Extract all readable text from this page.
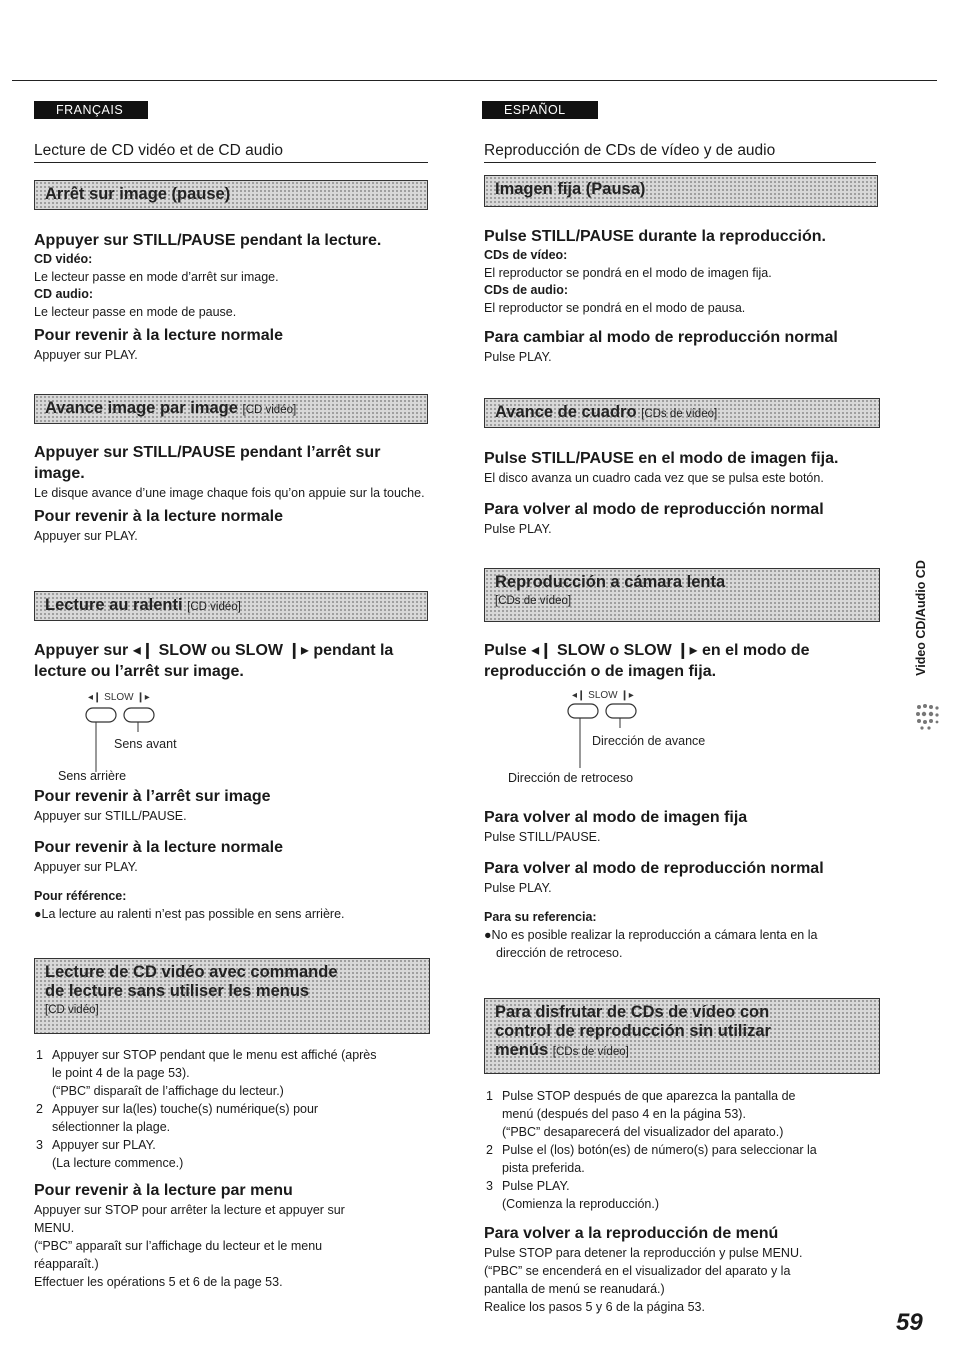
FRANÇAIS
Lecture de CD vidéo et de CD audio
Arrêt sur image (pause)

Appuyer sur STILL/PAUSE pendant la lecture.

CD vidéo:

Le lecteur passe en mode d’arrêt sur image.

CD audio:

Le lecteur passe en mode de pause.

Pour revenir à la lecture normale

Appuyer sur PLAY.

Avance image par image [CD vidéo]

Appuyer sur STILL/PAUSE pendant l’arrêt sur image.

Le disque avance d’une image chaque fois qu’on appuie sur la touche.

Pour revenir à la lecture normale

Appuyer sur PLAY.

Lecture au ralenti [CD vidéo]

Appuyer sur ◂❙ SLOW ou SLOW ❙▸ pendant la lecture ou l’arrêt sur image.

◂❙ SLOW ❙▸
Sens avant

Sens arrière

Pour revenir à l’arrêt sur image

Appuyer sur STILL/PAUSE.

Pour revenir à la lecture normale

Appuyer sur PLAY.

Pour référence:

●La lecture au ralenti n’est pas possible en sens arrière.

Lecture de CD vidéo avec commande
de lecture sans utiliser les menus
[CD vidéo]
1 Appuyer sur STOP pendant que le menu est affiché (après
le point 4 de la page 53).
(“PBC” disparaît de l’affichage du lecteur.)
2 Appuyer sur la(les) touche(s) numérique(s) pour
sélectionner la plage.
3 Appuyer sur PLAY.
(La lecture commence.)

Pour revenir à la lecture par menu

Appuyer sur STOP pour arrêter la lecture et appuyer sur

MENU.

(“PBC” apparaît sur l’affichage du lecteur et le menu

réapparaît.)

Effectuer les opérations 5 et 6 de la page 53.

ESPAÑOL
Reproducción de CDs de vídeo y de audio
Imagen fija (Pausa)

Pulse STILL/PAUSE durante la reproducción.

CDs de vídeo:

El reproductor se pondrá en el modo de imagen fija.

CDs de audio:

El reproductor se pondrá en el modo de pausa.

Para cambiar al modo de reproducción normal

Pulse PLAY.

Avance de cuadro [CDs de vídeo]

Pulse STILL/PAUSE en el modo de imagen fija.

El disco avanza un cuadro cada vez que se pulsa este botón.

Para volver al modo de reproducción normal

Pulse PLAY.

Reproducción a cámara lenta
[CDs de vídeo]

Pulse ◂❙ SLOW o SLOW ❙▸ en el modo de reproducción o de imagen fija.

◂❙ SLOW ❙▸
Dirección de avance

Dirección de retroceso

Para volver al modo de imagen fija

Pulse STILL/PAUSE.

Para volver al modo de reproducción normal

Pulse PLAY.

Para su referencia:

●No es posible realizar la reproducción a cámara lenta en la

dirección de retroceso.

Para disfrutar de CDs de vídeo con
control de reproducción sin utilizar
menús [CDs de vídeo]
1 Pulse STOP después de que aparezca la pantalla de
menú (después del paso 4 en la página 53).
(“PBC” desaparecerá del visualizador del aparato.)
2 Pulse el (los) botón(es) de número(s) para seleccionar la
pista preferida.
3 Pulse PLAY.
(Comienza la reproducción.)

Para volver a la reproducción de menú

Pulse STOP para detener la reproducción y pulse MENU.

(“PBC” se encenderá en el visualizador del aparato y la

pantalla de menú se reanudará.)

Realice los pasos 5 y 6 de la página 53.

Video CD/Audio CD
59
